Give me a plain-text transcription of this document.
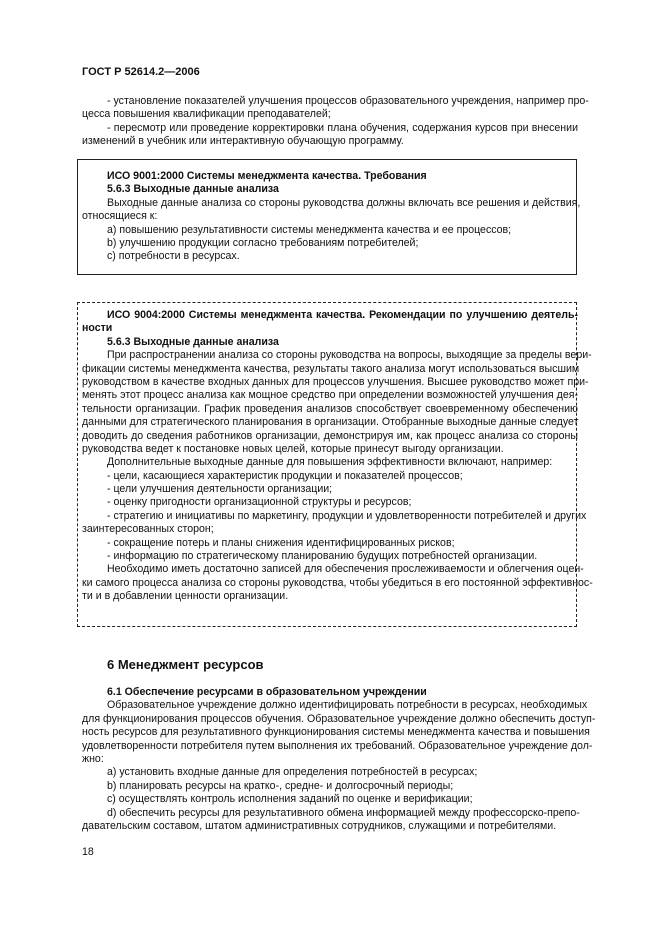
ГОСТ Р 52614.2—2006
- установление показателей улучшения процессов образовательного учреждения, например про-
цесса повышения квалификации преподавателей;
- пересмотр или проведение корректировки плана обучения, содержания курсов при внесении
изменений в учебник или интерактивную обучающую программу.
ИСО 9001:2000 Системы менеджмента качества. Требования
5.6.3 Выходные данные анализа
Выходные данные анализа со стороны руководства должны включать все решения и действия,
относящиеся к:
a) повышению результативности системы менеджмента качества и ее процессов;
b) улучшению продукции согласно требованиям потребителей;
c) потребности в ресурсах.
ИСО 9004:2000 Системы менеджмента качества. Рекомендации по улучшению деятель-
ности
5.6.3 Выходные данные анализа
При распространении анализа со стороны руководства на вопросы, выходящие за пределы вери-
фикации системы менеджмента качества, результаты такого анализа могут использоваться высшим
руководством в качестве входных данных для процессов улучшения. Высшее руководство может при-
менять этот процесс анализа как мощное средство при определении возможностей улучшения дея-
тельности организации. График проведения анализов способствует своевременному обеспечению
данными для стратегического планирования в организации. Отобранные выходные данные следует
доводить до сведения работников организации, демонстрируя им, как процесс анализа со стороны
руководства ведет к постановке новых целей, которые принесут выгоду организации.
Дополнительные выходные данные для повышения эффективности включают, например:
- цели, касающиеся характеристик продукции и показателей процессов;
- цели улучшения деятельности организации;
- оценку пригодности организационной структуры и ресурсов;
- стратегию и инициативы по маркетингу, продукции и удовлетворенности потребителей и других
заинтересованных сторон;
- сокращение потерь и планы снижения идентифицированных рисков;
- информацию по стратегическому планированию будущих потребностей организации.
Необходимо иметь достаточно записей для обеспечения прослеживаемости и облегчения оцен-
ки самого процесса анализа со стороны руководства, чтобы убедиться в его постоянной эффективнос-
ти и в добавлении ценности организации.
6 Менеджмент ресурсов
6.1 Обеспечение ресурсами в образовательном учреждении
Образовательное учреждение должно идентифицировать потребности в ресурсах, необходимых
для функционирования процессов обучения. Образовательное учреждение должно обеспечить доступ-
ность ресурсов для результативного функционирования системы менеджмента качества и повышения
удовлетворенности потребителя путем выполнения их требований. Образовательное учреждение дол-
жно:
a) установить входные данные для определения потребностей в ресурсах;
b) планировать ресурсы на кратко-, средне- и долгосрочный периоды;
c) осуществлять контроль исполнения заданий по оценке и верификации;
d) обеспечить ресурсы для результативного обмена информацией между профессорско-препо-
давательским составом, штатом административных сотрудников, служащими и потребителями.
18
